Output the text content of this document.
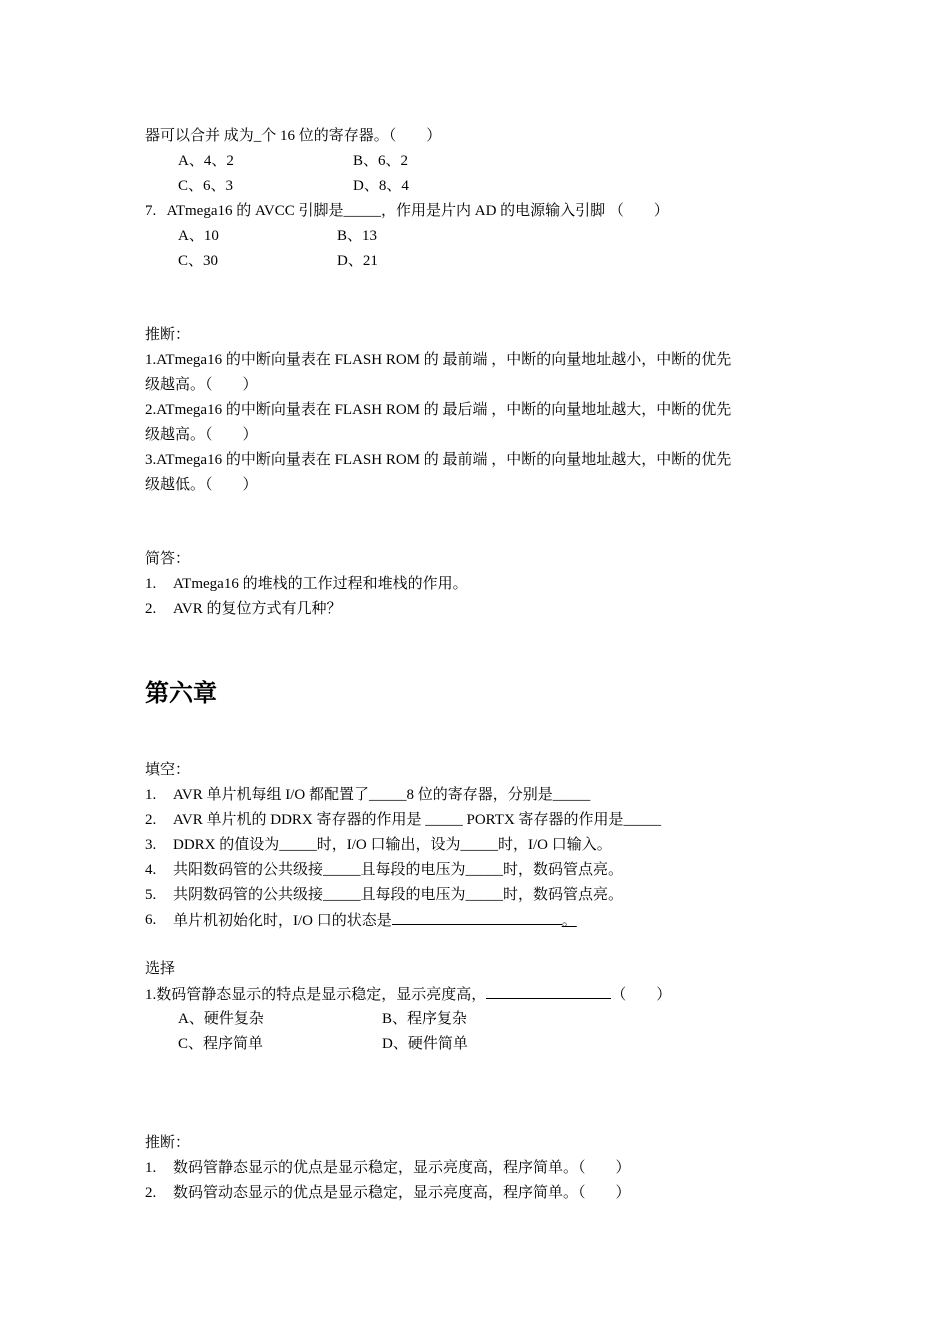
器可以合并 成为_个 16 位的寄存器。（　　）
A、4、2	B、6、2
C、6、3	D、8、4
7.   ATmega16 的 AVCC 引脚是_____，作用是片内 AD 的电源输入引脚 （　　）
A、10	B、13
C、30	D、21
推断：
1.ATmega16 的中断向量表在 FLASH ROM 的 最前端 ，中断的向量地址越小，中断的优先
级越高。（　　）
2.ATmega16 的中断向量表在 FLASH ROM 的 最后端 ，中断的向量地址越大，中断的优先
级越高。（　　）
3.ATmega16 的中断向量表在 FLASH ROM 的 最前端 ，中断的向量地址越大，中断的优先
级越低。（　　）
简答：
1. ATmega16 的堆栈的工作过程和堆栈的作用。
2. AVR 的复位方式有几种？
第六章
填空：
1. AVR 单片机每组 I/O 都配置了_____8 位的寄存器，分别是_____
2. AVR 单片机的 DDRX 寄存器的作用是 _____ PORTX 寄存器的作用是_____
3. DDRX 的值设为_____时，I/O 口输出，设为_____时，I/O 口输入。
4. 共阳数码管的公共级接_____且每段的电压为_____时，数码管点亮。
5. 共阴数码管的公共级接_____且每段的电压为_____时，数码管点亮。
6. 单片机初始化时，I/O 口的状态是	。
选择
1.数码管静态显示的特点是显示稳定，显示亮度高，	（　　）
A、硬件复杂	B、程序复杂
C、程序简单	D、硬件简单
推断：
1. 数码管静态显示的优点是显示稳定，显示亮度高，程序简单。（　　）
2. 数码管动态显示的优点是显示稳定，显示亮度高，程序简单。（　　）
